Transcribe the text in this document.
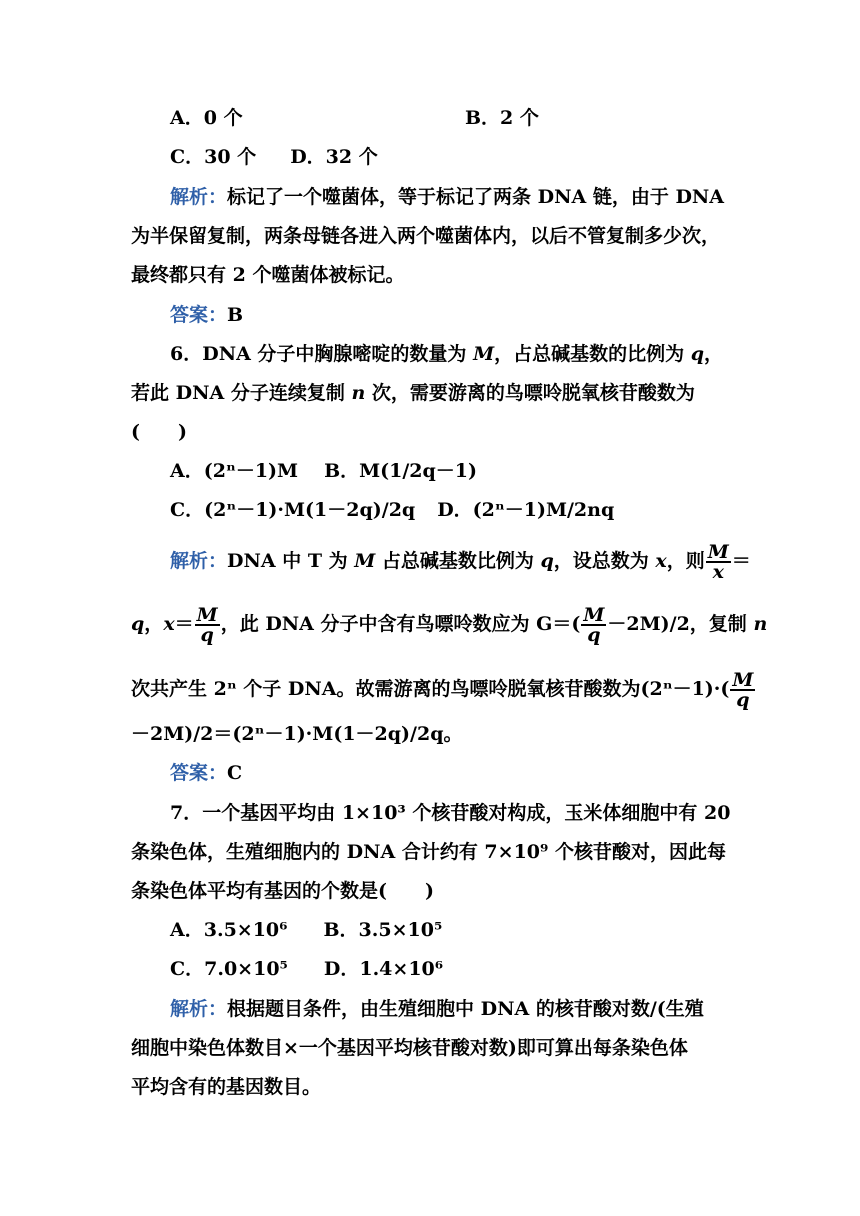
A．0 个	B．2 个
C．30 个 D．32 个
解析：标记了一个噬菌体，等于标记了两条 DNA 链，由于 DNA
为半保留复制，两条母链各进入两个噬菌体内，以后不管复制多少次，
最终都只有 2 个噬菌体被标记。
答案：B
6．DNA 分子中胸腺嘧啶的数量为 M，占总碱基数的比例为 q，
若此 DNA 分子连续复制 n 次，需要游离的鸟嘌呤脱氧核苷酸数为
(　　)
A．(2ⁿ－1)M B．M(1/2q－1)
C．(2ⁿ－1)·M(1－2q)/2q D．(2ⁿ－1)M/2nq
解析：DNA 中 T 为 M 占总碱基数比例为 q，设总数为 x，则 $\frac{M}{x}$ ＝
q，$x= \frac{M}{q}$ ，此 DNA 分子中含有鸟嘌呤数应为 $G=( \frac{M}{q} -2M)/2$，复制 n
次共产生 2ⁿ 个子 DNA。故需游离的鸟嘌呤脱氧核苷酸数为$(2^n-1)\cdot( \frac{M}{q}$
－2M)/2＝(2ⁿ－1)·M(1－2q)/2q。
答案：C
7．一个基因平均由 1×10³ 个核苷酸对构成，玉米体细胞中有 20
条染色体，生殖细胞内的 DNA 合计约有 7×10⁹ 个核苷酸对，因此每
条染色体平均有基因的个数是(　　)
A．3.5×10⁶ B．3.5×10⁵
C．7.0×10⁵ D．1.4×10⁶
解析：根据题目条件，由生殖细胞中 DNA 的核苷酸对数/(生殖
细胞中染色体数目×一个基因平均核苷酸对数)即可算出每条染色体
平均含有的基因数目。
